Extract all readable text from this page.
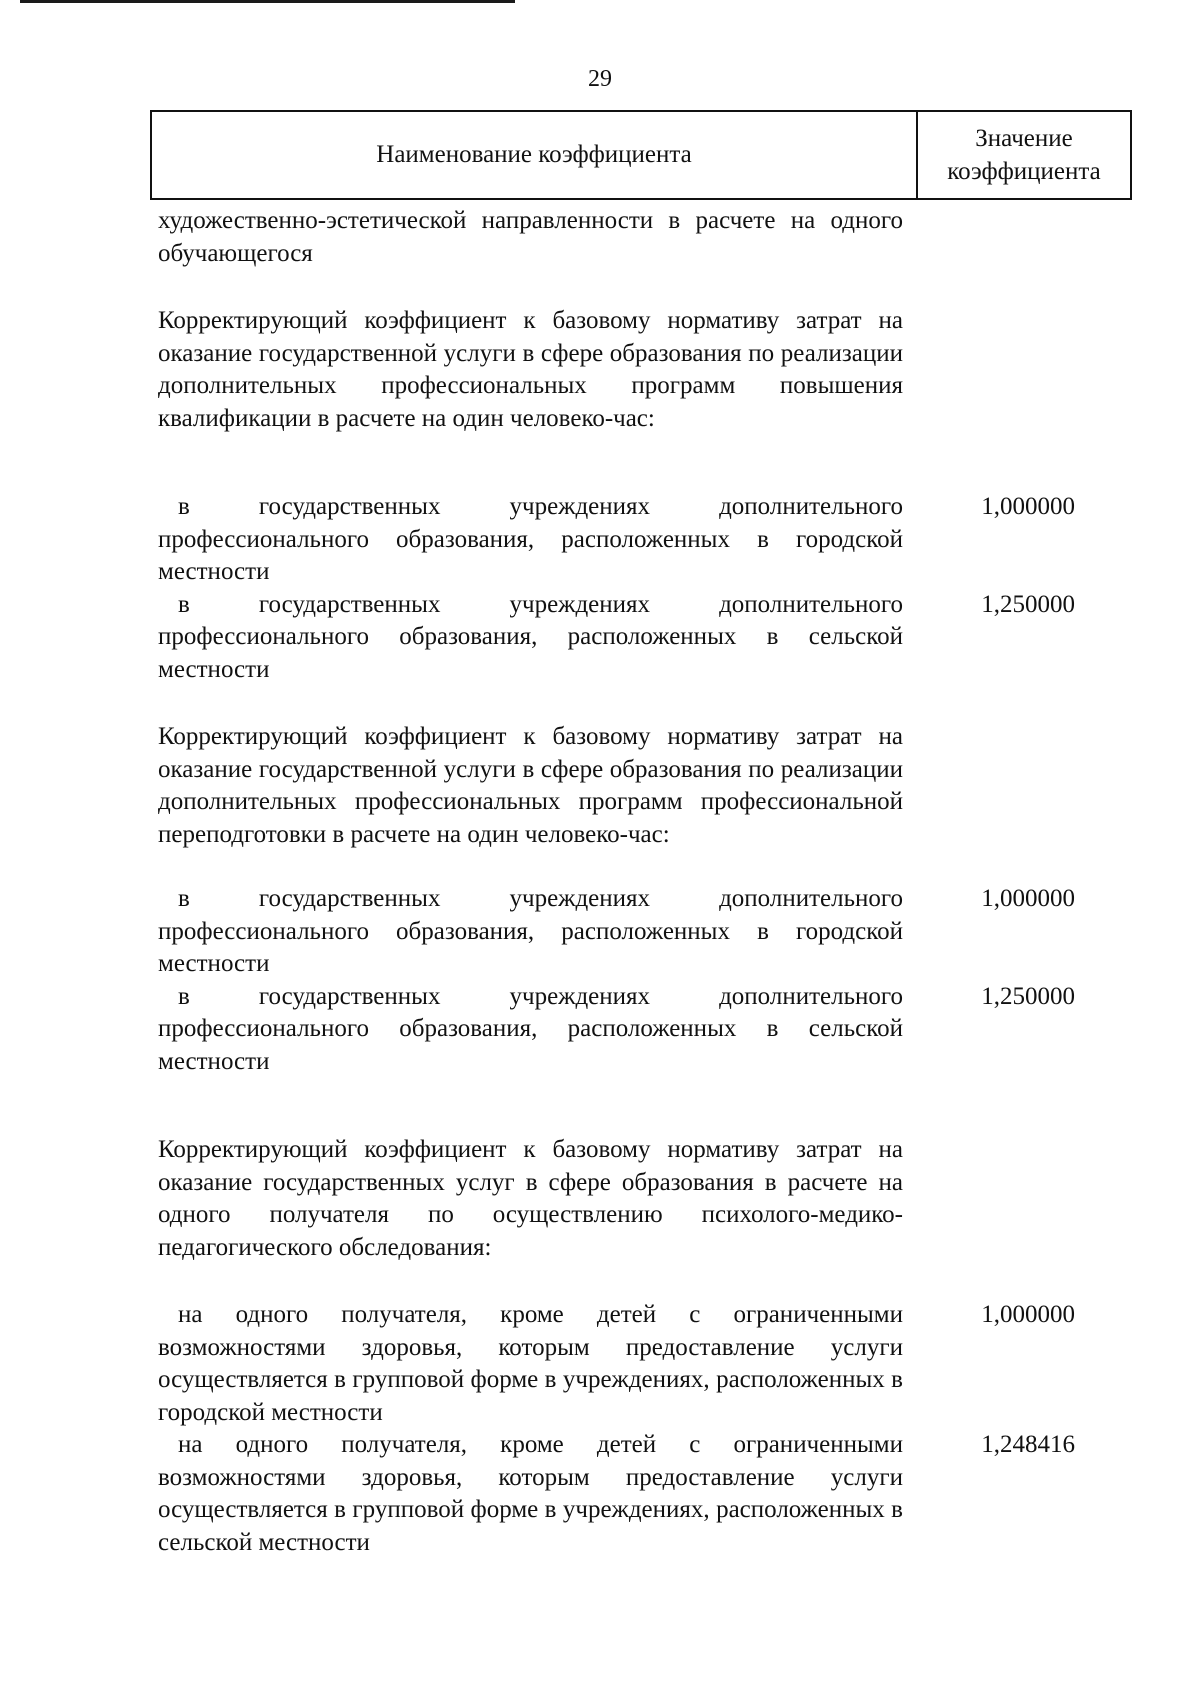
29
Наименование коэффициента
Значение коэффициента

художественно-эстетической направленности в расчете на одного обучающегося

Корректирующий коэффициент к базовому нормативу затрат на оказание государственной услуги в сфере образования по реализации дополнительных профессиональных программ повышения квалификации в расчете на один человеко-час:

в государственных учреждениях дополнительного профессионального образования, расположенных в городской местности

1,000000

в государственных учреждениях дополнительного профессионального образования, расположенных в сельской местности

1,250000

Корректирующий коэффициент к базовому нормативу затрат на оказание государственной услуги в сфере образования по реализации дополнительных профессиональных программ профессиональной переподготовки в расчете на один человеко-час:

в государственных учреждениях дополнительного профессионального образования, расположенных в городской местности

1,000000

в государственных учреждениях дополнительного профессионального образования, расположенных в сельской местности

1,250000

Корректирующий коэффициент к базовому нормативу затрат на оказание государственных услуг в сфере образования в расчете на одного получателя по осуществлению психолого-медико-педагогического обследования:

на одного получателя, кроме детей с ограниченными возможностями здоровья, которым предоставление услуги осуществляется в групповой форме в учреждениях, расположенных в городской местности

1,000000

на одного получателя, кроме детей с ограниченными возможностями здоровья, которым предоставление услуги осуществляется в групповой форме в учреждениях, расположенных в сельской местности

1,248416
